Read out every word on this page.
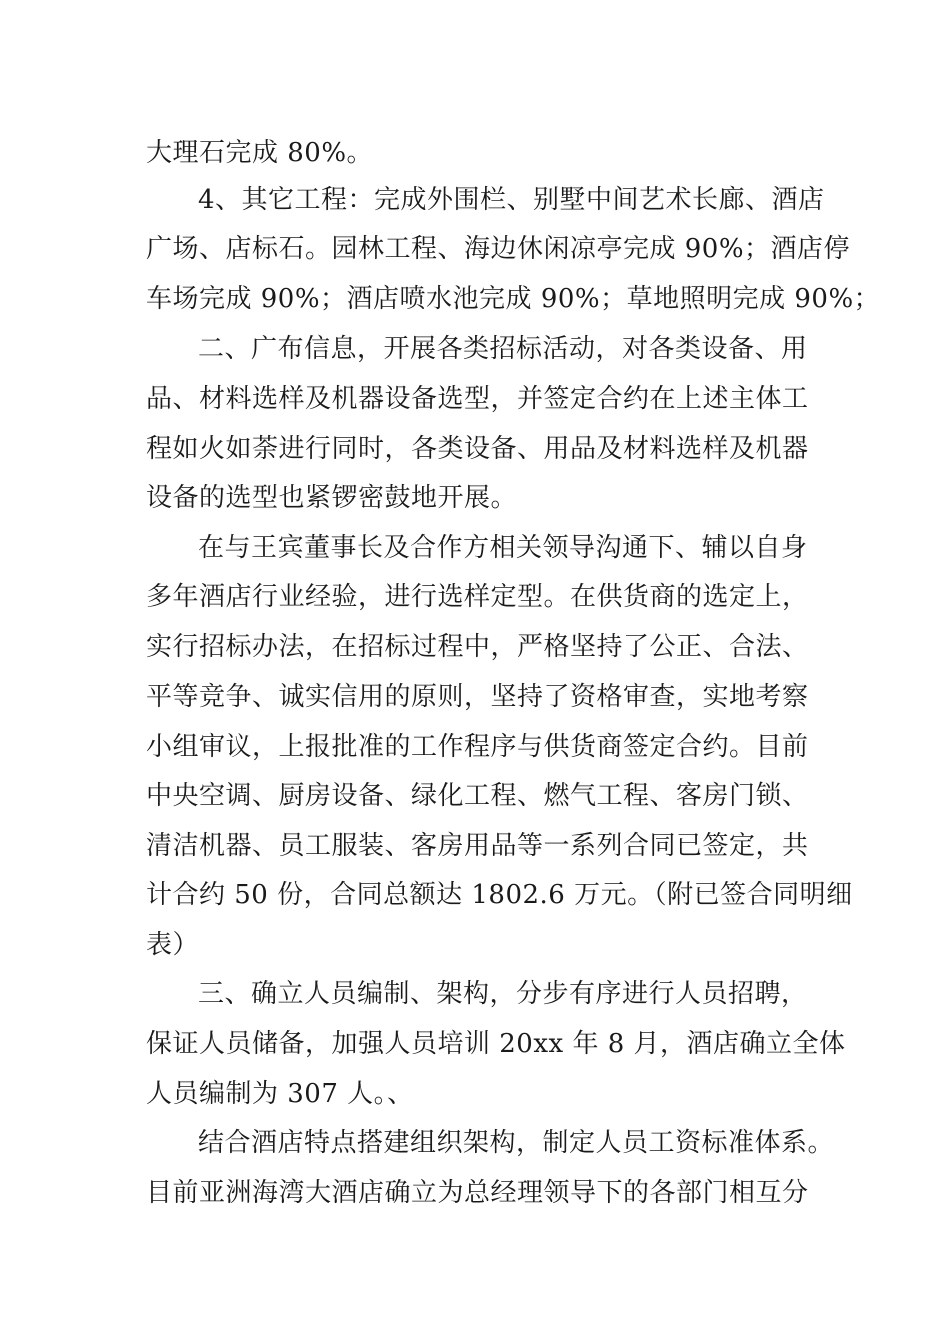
大理石完成 80%。
4、其它工程：完成外围栏、别墅中间艺术长廊、酒店
广场、店标石。园林工程、海边休闲凉亭完成 90%；酒店停
车场完成 90%；酒店喷水池完成 90%；草地照明完成 90%；
二、广布信息，开展各类招标活动，对各类设备、用
品、材料选样及机器设备选型，并签定合约在上述主体工
程如火如荼进行同时，各类设备、用品及材料选样及机器
设备的选型也紧锣密鼓地开展。
在与王宾董事长及合作方相关领导沟通下、辅以自身
多年酒店行业经验，进行选样定型。在供货商的选定上，
实行招标办法，在招标过程中，严格坚持了公正、合法、
平等竞争、诚实信用的原则，坚持了资格审查，实地考察
小组审议，上报批准的工作程序与供货商签定合约。目前
中央空调、厨房设备、绿化工程、燃气工程、客房门锁、
清洁机器、员工服装、客房用品等一系列合同已签定，共
计合约 50 份，合同总额达 1802.6 万元。（附已签合同明细
表）
三、确立人员编制、架构，分步有序进行人员招聘，
保证人员储备，加强人员培训 20xx 年 8 月，酒店确立全体
人员编制为 307 人。、
结合酒店特点搭建组织架构，制定人员工资标准体系。
目前亚洲海湾大酒店确立为总经理领导下的各部门相互分
